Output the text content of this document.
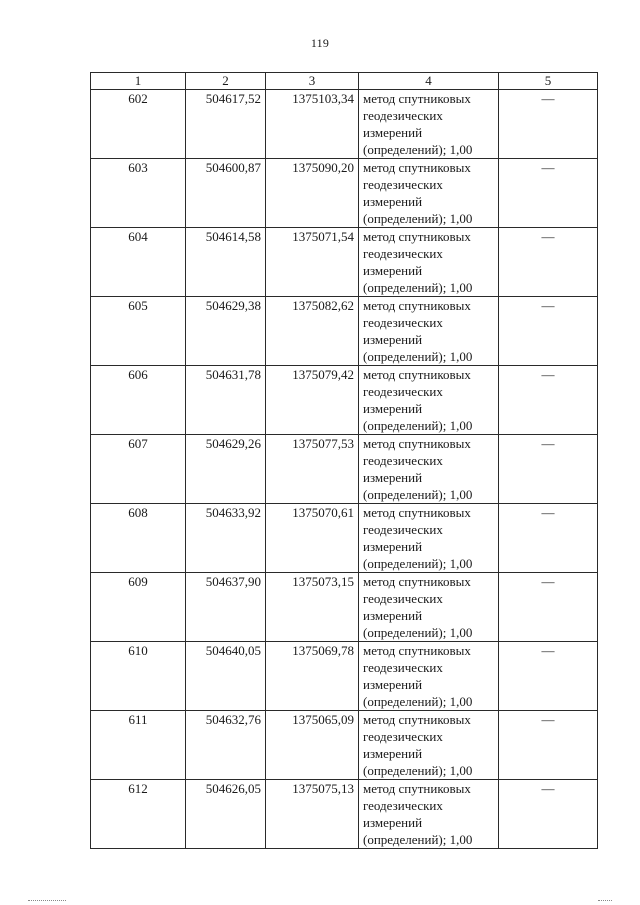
119
1	2	3	4	5
602	504617,52	1375103,34	метод спутниковых
геодезических
измерений
(определений); 1,00	—
603	504600,87	1375090,20	метод спутниковых
геодезических
измерений
(определений); 1,00	—
604	504614,58	1375071,54	метод спутниковых
геодезических
измерений
(определений); 1,00	—
605	504629,38	1375082,62	метод спутниковых
геодезических
измерений
(определений); 1,00	—
606	504631,78	1375079,42	метод спутниковых
геодезических
измерений
(определений); 1,00	—
607	504629,26	1375077,53	метод спутниковых
геодезических
измерений
(определений); 1,00	—
608	504633,92	1375070,61	метод спутниковых
геодезических
измерений
(определений); 1,00	—
609	504637,90	1375073,15	метод спутниковых
геодезических
измерений
(определений); 1,00	—
610	504640,05	1375069,78	метод спутниковых
геодезических
измерений
(определений); 1,00	—
611	504632,76	1375065,09	метод спутниковых
геодезических
измерений
(определений); 1,00	—
612	504626,05	1375075,13	метод спутниковых
геодезических
измерений
(определений); 1,00	—
